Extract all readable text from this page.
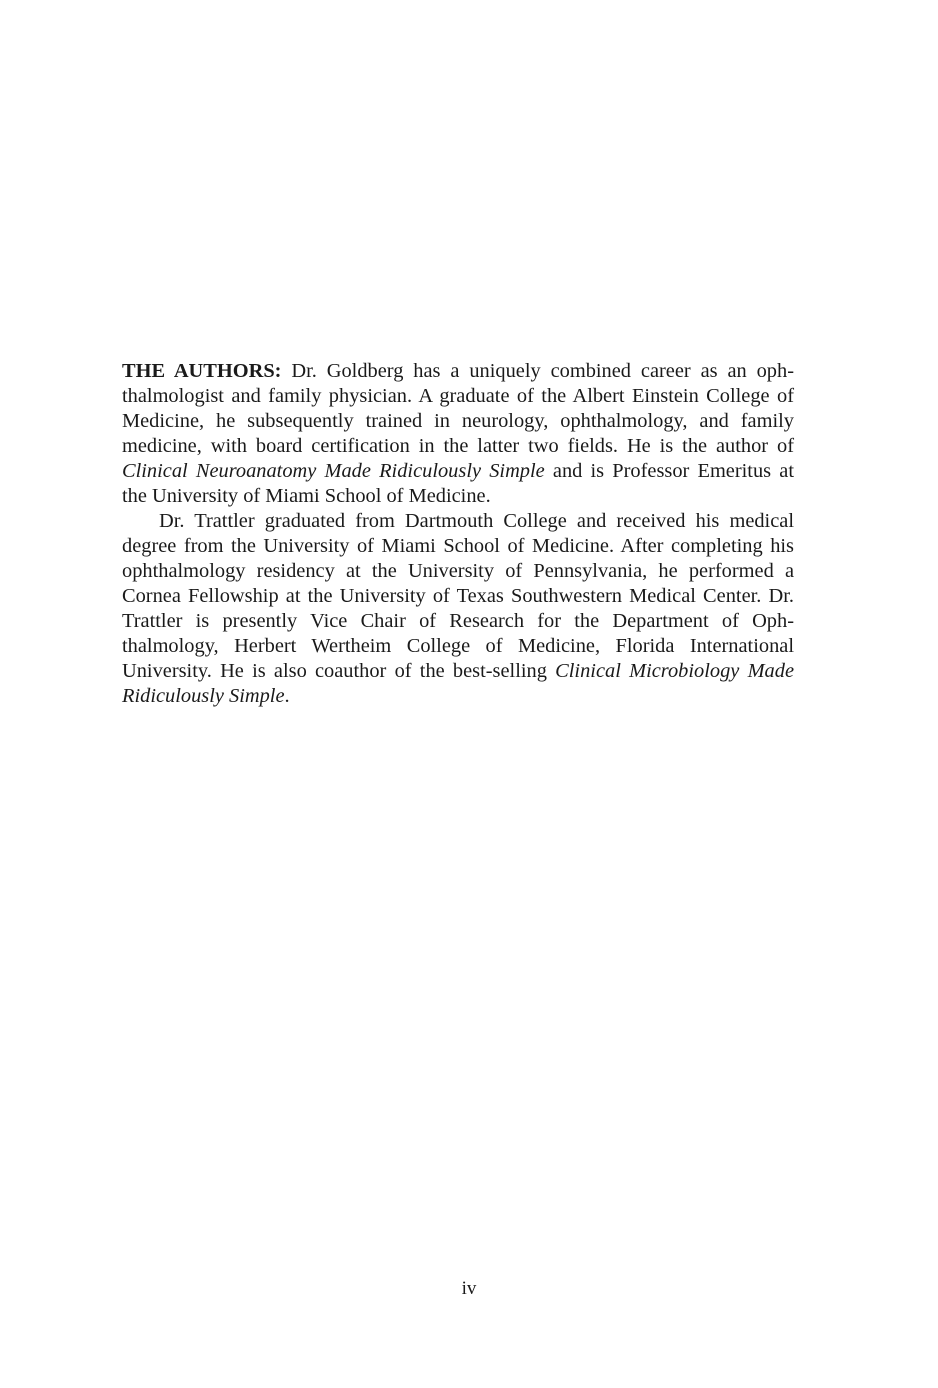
THE AUTHORS: Dr. Goldberg has a uniquely combined career as an ophthalmologist and family physician. A graduate of the Albert Einstein College of Medicine, he subsequently trained in neurology, ophthalmology, and family medicine, with board certification in the latter two fields. He is the author of Clinical Neuroanatomy Made Ridiculously Simple and is Professor Emeritus at the University of Miami School of Medicine.

Dr. Trattler graduated from Dartmouth College and received his medical degree from the University of Miami School of Medicine. After completing his ophthalmology residency at the University of Pennsylvania, he performed a Cornea Fellowship at the University of Texas Southwestern Medical Center. Dr. Trattler is presently Vice Chair of Research for the Department of Ophthalmology, Herbert Wertheim College of Medicine, Florida International University. He is also coauthor of the best-selling Clinical Microbiology Made Ridiculously Simple.

iv
